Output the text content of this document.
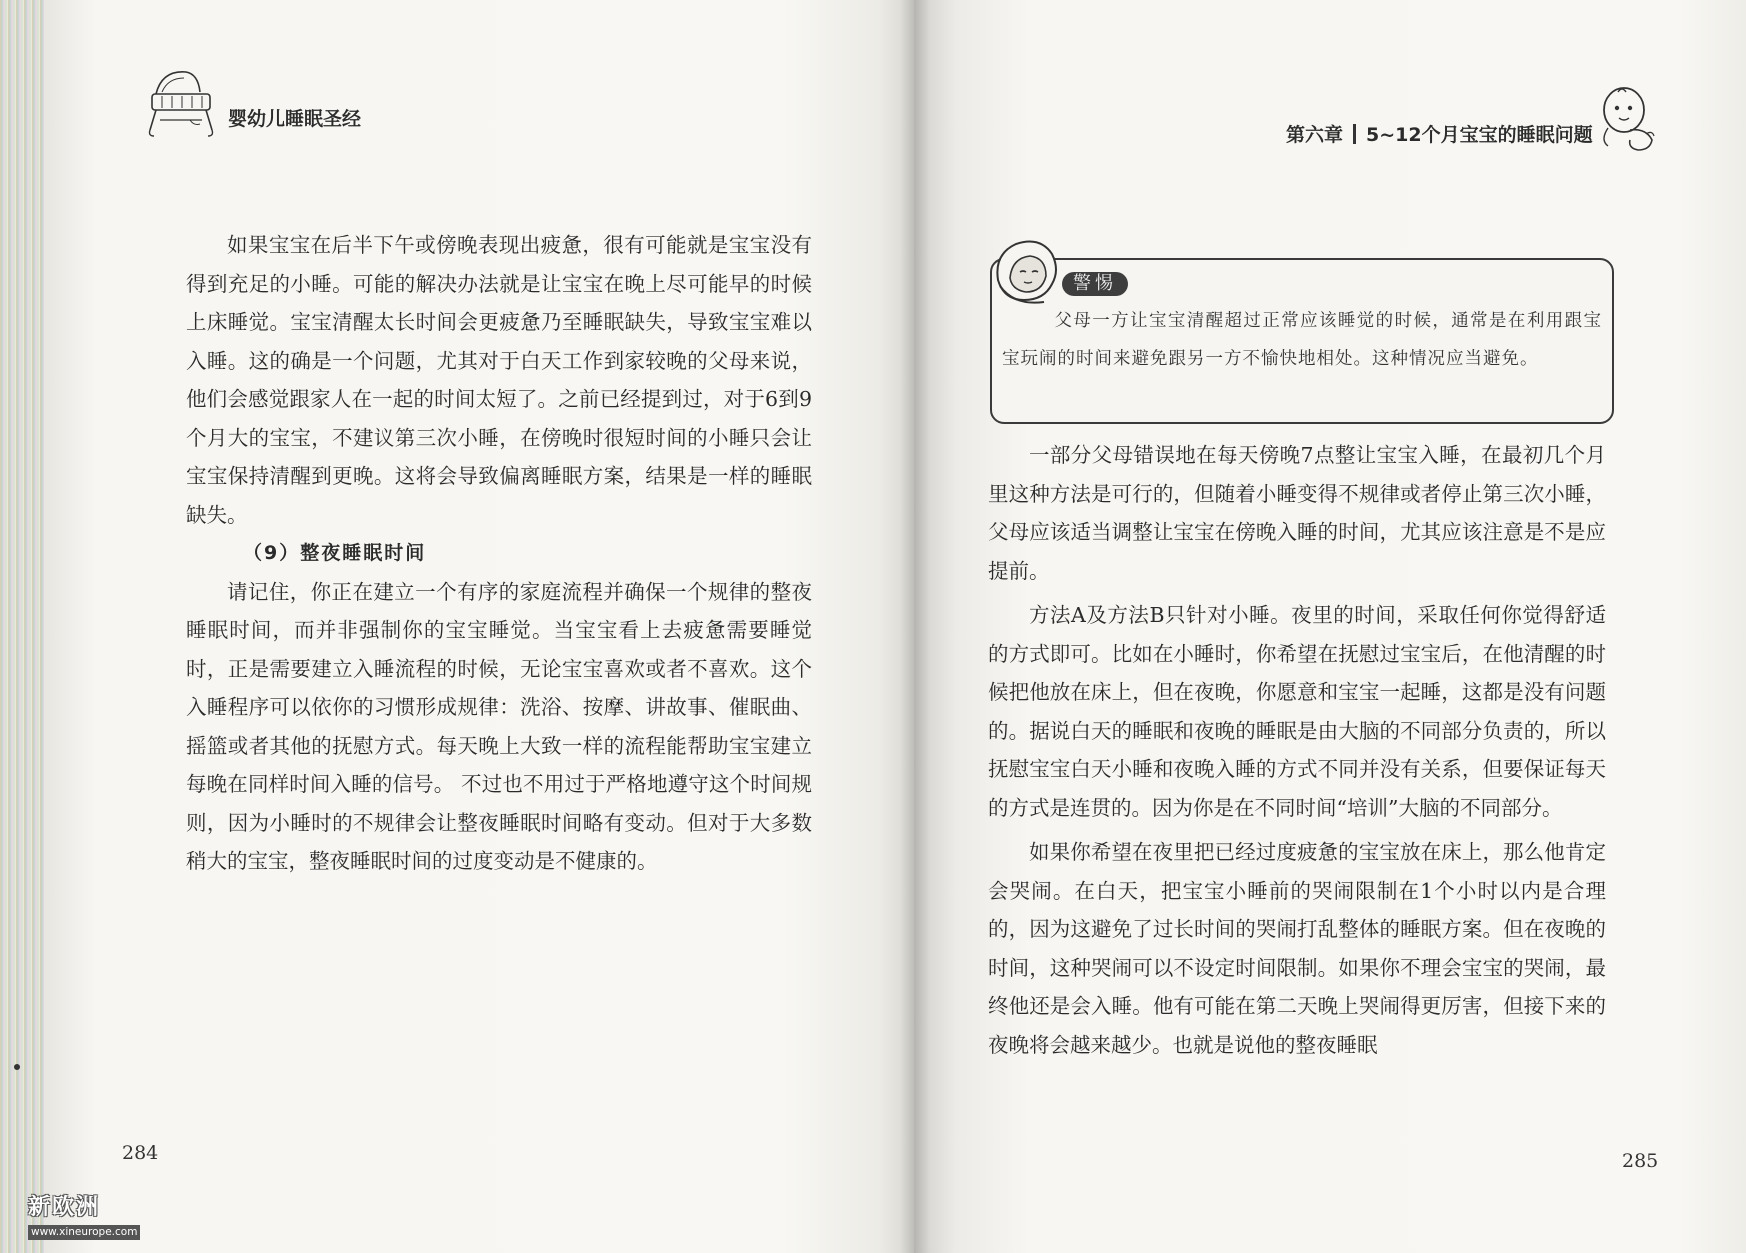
婴幼儿睡眠圣经
第六章 5~12个月宝宝的睡眠问题

如果宝宝在后半下午或傍晚表现出疲惫，很有可能就是宝宝没有得到充足的小睡。可能的解决办法就是让宝宝在晚上尽可能早的时候上床睡觉。宝宝清醒太长时间会更疲惫乃至睡眠缺失，导致宝宝难以入睡。这的确是一个问题，尤其对于白天工作到家较晚的父母来说，他们会感觉跟家人在一起的时间太短了。之前已经提到过，对于6到9个月大的宝宝，不建议第三次小睡，在傍晚时很短时间的小睡只会让宝宝保持清醒到更晚。这将会导致偏离睡眠方案，结果是一样的睡眠缺失。

（9）整夜睡眠时间

请记住，你正在建立一个有序的家庭流程并确保一个规律的整夜睡眠时间，而并非强制你的宝宝睡觉。当宝宝看上去疲惫需要睡觉时，正是需要建立入睡流程的时候，无论宝宝喜欢或者不喜欢。这个入睡程序可以依你的习惯形成规律：洗浴、按摩、讲故事、催眠曲、摇篮或者其他的抚慰方式。每天晚上大致一样的流程能帮助宝宝建立每晚在同样时间入睡的信号。 不过也不用过于严格地遵守这个时间规则，因为小睡时的不规律会让整夜睡眠时间略有变动。但对于大多数稍大的宝宝，整夜睡眠时间的过度变动是不健康的。

警惕

父母一方让宝宝清醒超过正常应该睡觉的时候，通常是在利用跟宝宝玩闹的时间来避免跟另一方不愉快地相处。这种情况应当避免。

一部分父母错误地在每天傍晚7点整让宝宝入睡，在最初几个月里这种方法是可行的，但随着小睡变得不规律或者停止第三次小睡，父母应该适当调整让宝宝在傍晚入睡的时间，尤其应该注意是不是应提前。

方法A及方法B只针对小睡。夜里的时间，采取任何你觉得舒适的方式即可。比如在小睡时，你希望在抚慰过宝宝后，在他清醒的时候把他放在床上，但在夜晚，你愿意和宝宝一起睡，这都是没有问题的。据说白天的睡眠和夜晚的睡眠是由大脑的不同部分负责的，所以抚慰宝宝白天小睡和夜晚入睡的方式不同并没有关系，但要保证每天的方式是连贯的。因为你是在不同时间“培训”大脑的不同部分。

如果你希望在夜里把已经过度疲惫的宝宝放在床上，那么他肯定会哭闹。在白天，把宝宝小睡前的哭闹限制在1个小时以内是合理的，因为这避免了过长时间的哭闹打乱整体的睡眠方案。但在夜晚的时间，这种哭闹可以不设定时间限制。如果你不理会宝宝的哭闹，最终他还是会入睡。他有可能在第二天晚上哭闹得更厉害，但接下来的夜晚将会越来越少。也就是说他的整夜睡眠

284	285
新欧洲
www.xineurope.com
